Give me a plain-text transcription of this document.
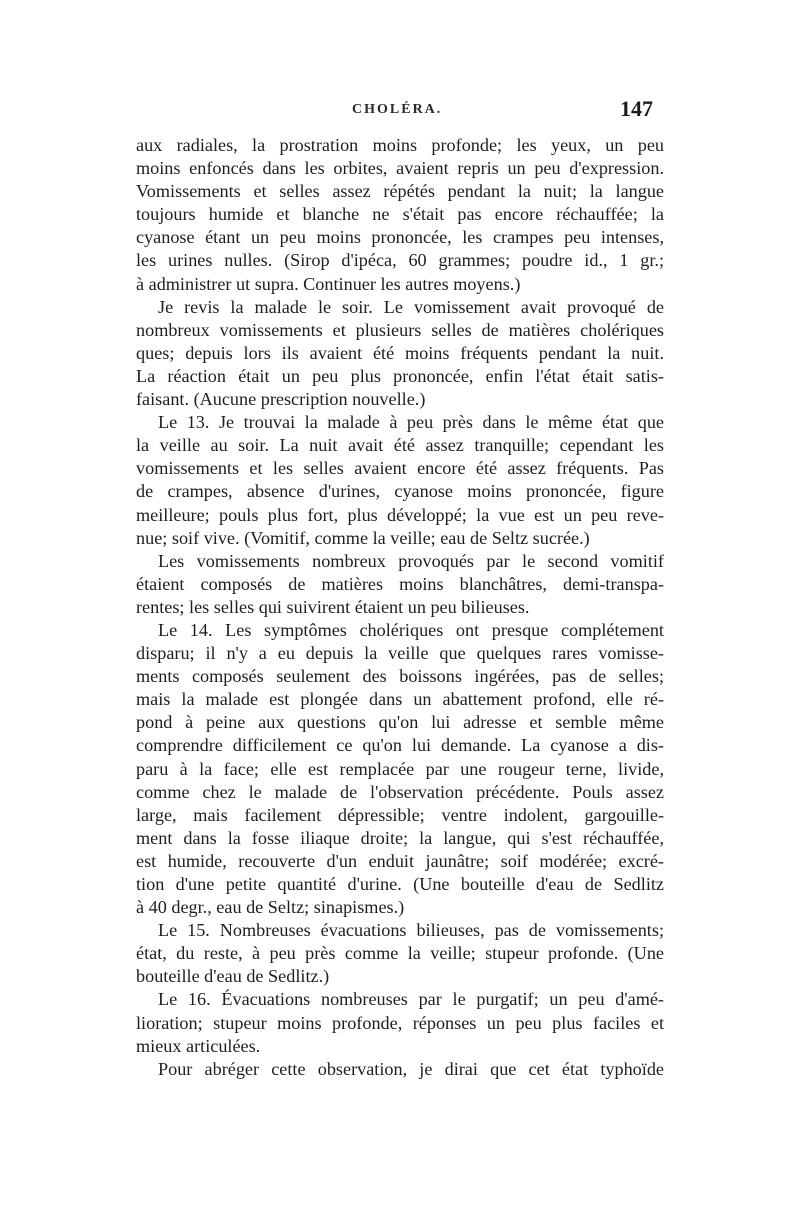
CHOLÉRA.	147
aux radiales, la prostration moins profonde; les yeux, un peu
moins enfoncés dans les orbites, avaient repris un peu d'expression.
Vomissements et selles assez répétés pendant la nuit; la langue
toujours humide et blanche ne s'était pas encore réchauffée; la
cyanose étant un peu moins prononcée, les crampes peu intenses,
les urines nulles. (Sirop d'ipéca, 60 grammes; poudre id., 1 gr.;
à administrer ut supra. Continuer les autres moyens.)
Je revis la malade le soir. Le vomissement avait provoqué de
nombreux vomissements et plusieurs selles de matières cholériques
ques; depuis lors ils avaient été moins fréquents pendant la nuit.
La réaction était un peu plus prononcée, enfin l'état était satis-
faisant. (Aucune prescription nouvelle.)
Le 13. Je trouvai la malade à peu près dans le même état que
la veille au soir. La nuit avait été assez tranquille; cependant les
vomissements et les selles avaient encore été assez fréquents. Pas
de crampes, absence d'urines, cyanose moins prononcée, figure
meilleure; pouls plus fort, plus développé; la vue est un peu reve-
nue; soif vive. (Vomitif, comme la veille; eau de Seltz sucrée.)
Les vomissements nombreux provoqués par le second vomitif
étaient composés de matières moins blanchâtres, demi-transpa-
rentes; les selles qui suivirent étaient un peu bilieuses.
Le 14. Les symptômes cholériques ont presque complétement
disparu; il n'y a eu depuis la veille que quelques rares vomisse-
ments composés seulement des boissons ingérées, pas de selles;
mais la malade est plongée dans un abattement profond, elle ré-
pond à peine aux questions qu'on lui adresse et semble même
comprendre difficilement ce qu'on lui demande. La cyanose a dis-
paru à la face; elle est remplacée par une rougeur terne, livide,
comme chez le malade de l'observation précédente. Pouls assez
large, mais facilement dépressible; ventre indolent, gargouille-
ment dans la fosse iliaque droite; la langue, qui s'est réchauffée,
est humide, recouverte d'un enduit jaunâtre; soif modérée; excré-
tion d'une petite quantité d'urine. (Une bouteille d'eau de Sedlitz
à 40 degr., eau de Seltz; sinapismes.)
Le 15. Nombreuses évacuations bilieuses, pas de vomissements;
état, du reste, à peu près comme la veille; stupeur profonde. (Une
bouteille d'eau de Sedlitz.)
Le 16. Évacuations nombreuses par le purgatif; un peu d'amé-
lioration; stupeur moins profonde, réponses un peu plus faciles et
mieux articulées.
Pour abréger cette observation, je dirai que cet état typhoïde
